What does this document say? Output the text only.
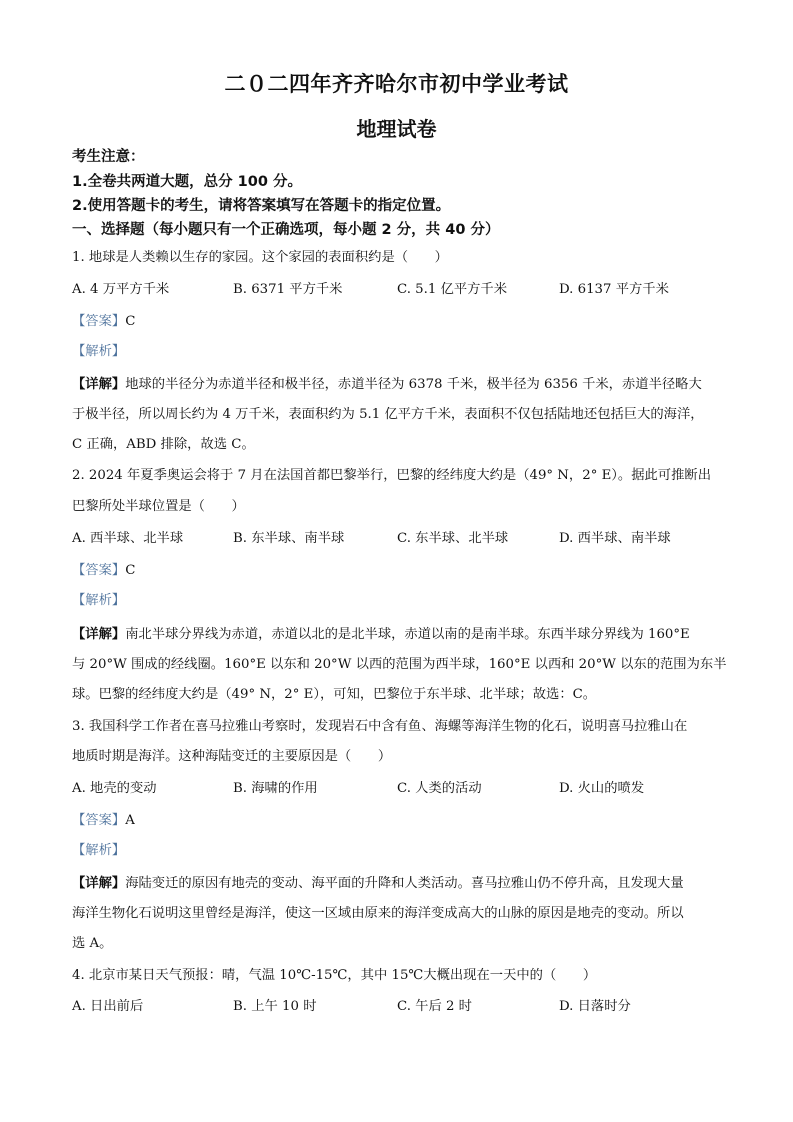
二０二四年齐齐哈尔市初中学业考试
地理试卷
考生注意：
1.全卷共两道大题，总分 100 分。
2.使用答题卡的考生，请将答案填写在答题卡的指定位置。
一、选择题（每小题只有一个正确选项，每小题 2 分，共 40 分）
1. 地球是人类赖以生存的家园。这个家园的表面积约是（　　）
A. 4 万平方千米	B. 6371 平方千米	C. 5.1 亿平方千米	D. 6137 平方千米
【答案】C
【解析】
【详解】地球的半径分为赤道半径和极半径，赤道半径为 6378 千米，极半径为 6356 千米，赤道半径略大
于极半径，所以周长约为 4 万千米，表面积约为 5.1 亿平方千米，表面积不仅包括陆地还包括巨大的海洋，
C 正确，ABD 排除，故选 C。
2. 2024 年夏季奥运会将于 7 月在法国首都巴黎举行，巴黎的经纬度大约是（49° N，2° E）。据此可推断出
巴黎所处半球位置是（　　）
A. 西半球、北半球	B. 东半球、南半球	C. 东半球、北半球	D. 西半球、南半球
【答案】C
【解析】
【详解】南北半球分界线为赤道，赤道以北的是北半球，赤道以南的是南半球。东西半球分界线为 160°E
与 20°W 围成的经线圈。160°E 以东和 20°W 以西的范围为西半球，160°E 以西和 20°W 以东的范围为东半
球。巴黎的经纬度大约是（49° N，2° E），可知，巴黎位于东半球、北半球；故选：C。
3. 我国科学工作者在喜马拉雅山考察时，发现岩石中含有鱼、海螺等海洋生物的化石，说明喜马拉雅山在
地质时期是海洋。这种海陆变迁的主要原因是（　　）
A. 地壳的变动	B. 海啸的作用	C. 人类的活动	D. 火山的喷发
【答案】A
【解析】
【详解】海陆变迁的原因有地壳的变动、海平面的升降和人类活动。喜马拉雅山仍不停升高，且发现大量
海洋生物化石说明这里曾经是海洋，使这一区域由原来的海洋变成高大的山脉的原因是地壳的变动。所以
选 A。
4. 北京市某日天气预报：晴，气温 10℃-15℃，其中 15℃大概出现在一天中的（　　）
A. 日出前后	B. 上午 10 时	C. 午后 2 时	D. 日落时分
